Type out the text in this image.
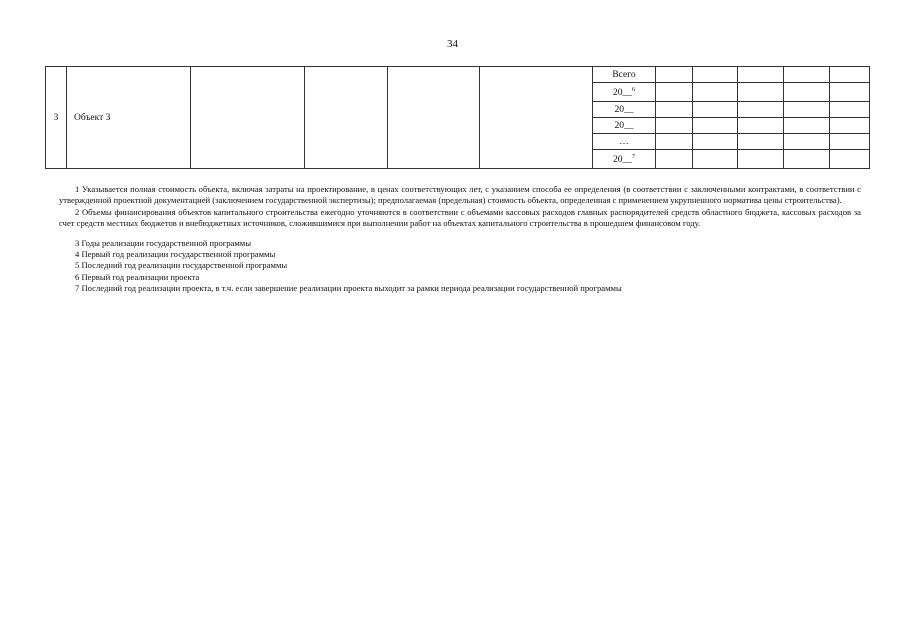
34
3	Объект 3					Всего					
						20__$^6$					
						20__					
						20__					
						…					
						20__$^7$					

1 Указывается полная стоимость объекта, включая затраты на проектирование, в ценах соответствующих лет, с указанием способа ее определения (в соответствии с заключенными контрактами, в соответствии с утвержденной проектной документацией (заключением государственной экспертизы); предполагаемая (предельная) стоимость объекта, определенная с применением укрупненного норматива цены строительства).

2 Объемы финансирования объектов капитального строительства ежегодно уточняются в соответствии с объемами кассовых расходов главных распорядителей средств областного бюджета, кассовых расходов за счет средств местных бюджетов и внебюджетных источников, сложившимися при выполнении работ на объектах капитального строительства в прошедшем финансовом году.

3 Годы реализации государственной программы

4 Первый год реализации государственной программы

5 Последний год реализации государственной программы

6 Первый год реализации проекта

7 Последний год реализации проекта, в т.ч. если завершение реализации проекта выходит за рамки периода реализации государственной программы
